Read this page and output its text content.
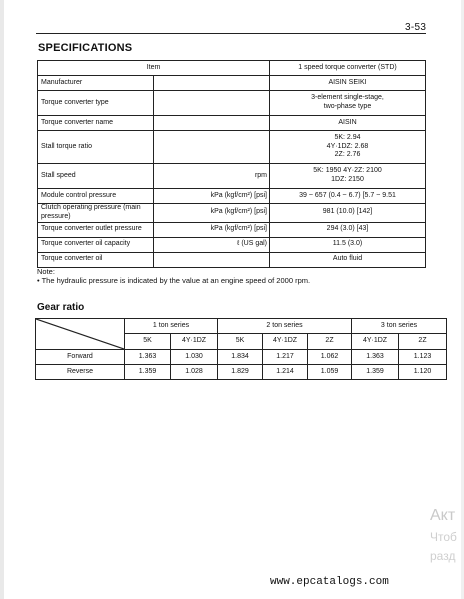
3-53
SPECIFICATIONS
Item		1 speed torque converter (STD)
Manufacturer		AISIN SEIKI

Torque converter type		3-element single-stage,
two-phase type

Torque converter name		AISIN

Stall torque ratio		5K: 2.94
4Y·1DZ: 2.68
2Z: 2.76

Stall speed	rpm	5K: 1950 4Y·2Z: 2100
1DZ: 2150

Module control pressure	kPa (kgf/cm²) [psi]	39 ~ 657 (0.4 ~ 6.7) [5.7 ~ 9.51

Clutch operating pressure (main pressure)	kPa (kgf/cm²) [psi]	981 (10.0) [142]

Torque converter outlet pressure	kPa (kgf/cm²) [psi]	294 (3.0) [43]

Torque converter oil capacity	ℓ (US gal)	11.5 (3.0)

Torque converter oil		Auto fluid
Note:
• The hydraulic pressure is indicated by the value at an engine speed of 2000 rpm.
Gear ratio
	1 ton series		2 ton series			3 ton series	
	5K	4Y·1DZ	5K	4Y·1DZ	2Z	4Y·1DZ	2Z
Forward	1.363	1.030	1.834	1.217	1.062	1.363	1.123
Reverse	1.359	1.028	1.829	1.214	1.059	1.359	1.120
Акт
Чтоб
разд
www.epcatalogs.com
